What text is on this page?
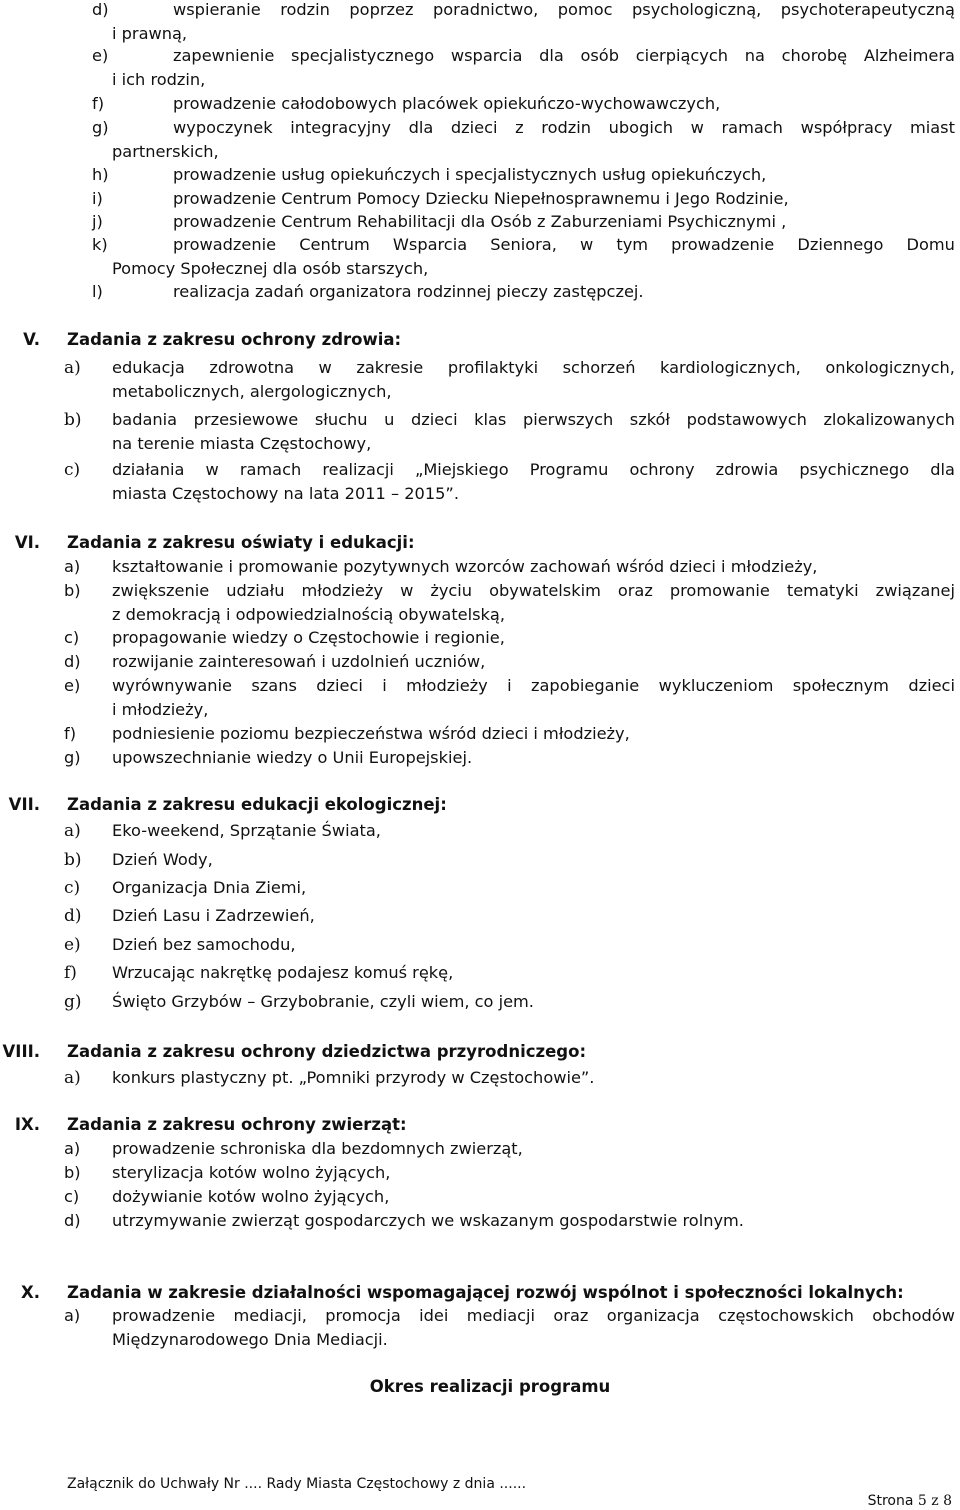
d)	wspieranie rodzin poprzez poradnictwo, pomoc psychologiczną, psychoterapeutyczną
i prawną,
e)	zapewnienie specjalistycznego wsparcia dla osób cierpiących na chorobę Alzheimera
i ich rodzin,
f)	prowadzenie całodobowych placówek opiekuńczo-wychowawczych,
g)	wypoczynek integracyjny dla dzieci z rodzin ubogich w ramach współpracy miast
partnerskich,
h)	prowadzenie usług opiekuńczych i specjalistycznych usług opiekuńczych,
i)	prowadzenie Centrum Pomocy Dziecku Niepełnosprawnemu i Jego Rodzinie,
j)	prowadzenie Centrum Rehabilitacji dla Osób z Zaburzeniami Psychicznymi ,
k)	prowadzenie Centrum Wsparcia Seniora, w tym prowadzenie Dziennego Domu
Pomocy Społecznej dla osób starszych,
l)	realizacja zadań organizatora rodzinnej pieczy zastępczej.
V. Zadania z zakresu ochrony zdrowia:
a) edukacja zdrowotna w zakresie profilaktyki schorzeń kardiologicznych, onkologicznych,
metabolicznych, alergologicznych,
b) badania przesiewowe słuchu u dzieci klas pierwszych szkół podstawowych zlokalizowanych
na terenie miasta Częstochowy,
c) działania w ramach realizacji „Miejskiego Programu ochrony zdrowia psychicznego dla
miasta Częstochowy na lata 2011 – 2015”.
VI. Zadania z zakresu oświaty i edukacji:
a) kształtowanie i promowanie pozytywnych wzorców zachowań wśród dzieci i młodzieży,
b) zwiększenie udziału młodzieży w życiu obywatelskim oraz promowanie tematyki związanej
z demokracją i odpowiedzialnością obywatelską,
c) propagowanie wiedzy o Częstochowie i regionie,
d) rozwijanie zainteresowań i uzdolnień uczniów,
e) wyrównywanie szans dzieci i młodzieży i zapobieganie wykluczeniom społecznym dzieci
i młodzieży,
f) podniesienie poziomu bezpieczeństwa wśród dzieci i młodzieży,
g) upowszechnianie wiedzy o Unii Europejskiej.
VII. Zadania z zakresu edukacji ekologicznej:
a) Eko-weekend, Sprzątanie Świata,
b) Dzień Wody,
c) Organizacja Dnia Ziemi,
d) Dzień Lasu i Zadrzewień,
e) Dzień bez samochodu,
f) Wrzucając nakrętkę podajesz komuś rękę,
g) Święto Grzybów – Grzybobranie, czyli wiem, co jem.
VIII. Zadania z zakresu ochrony dziedzictwa przyrodniczego:
a) konkurs plastyczny pt. „Pomniki przyrody w Częstochowie”.
IX. Zadania z zakresu ochrony zwierząt:
a) prowadzenie schroniska dla bezdomnych zwierząt,
b) sterylizacja kotów wolno żyjących,
c) dożywianie kotów wolno żyjących,
d) utrzymywanie zwierząt gospodarczych we wskazanym gospodarstwie rolnym.
X. Zadania w zakresie działalności wspomagającej rozwój wspólnot i społeczności lokalnych:
a) prowadzenie mediacji, promocja idei mediacji oraz organizacja częstochowskich obchodów
Międzynarodowego Dnia Mediacji.
Okres realizacji programu
Załącznik do Uchwały Nr .... Rady Miasta Częstochowy z dnia ......
Strona 5 z 8
